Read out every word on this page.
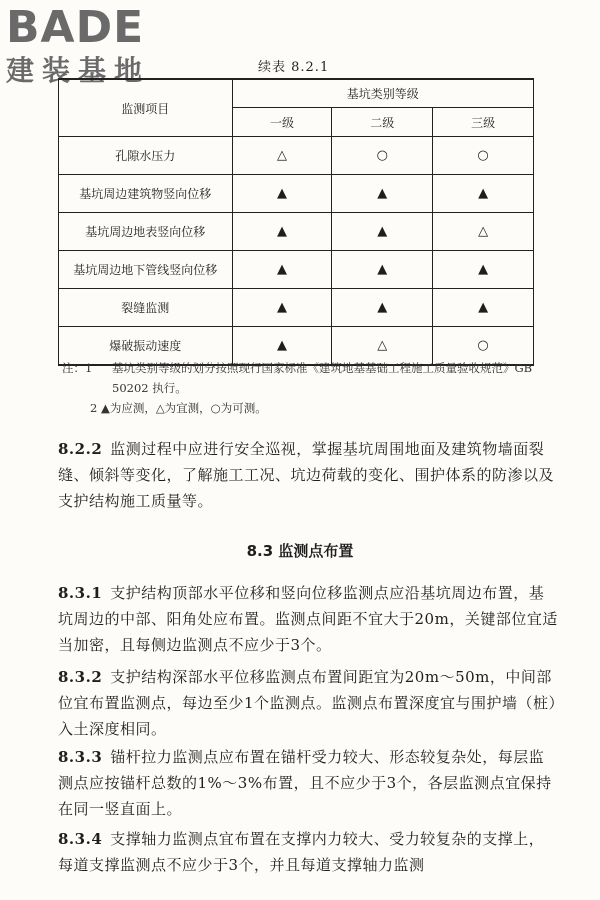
BADE
建装基地	续表 8.2.1
监测项目	基坑类别等级		
	一级	二级	三级
孔隙水压力	△	○	○
基坑周边建筑物竖向位移	▲	▲	▲
基坑周边地表竖向位移	▲	▲	△
基坑周边地下管线竖向位移	▲	▲	▲
裂缝监测	▲	▲	▲
爆破振动速度	▲	△	○
注：1	基坑类别等级的划分按照现行国家标准《建筑地基基础工程施工质量验收规范》GB 50202 执行。
2 ▲为应测，△为宜测，○为可测。
8.2.2 监测过程中应进行安全巡视，掌握基坑周围地面及建筑物墙面裂缝、倾斜等变化，了解施工工况、坑边荷载的变化、围护体系的防渗以及支护结构施工质量等。
8.3 监测点布置
8.3.1 支护结构顶部水平位移和竖向位移监测点应沿基坑周边布置，基坑周边的中部、阳角处应布置。监测点间距不宜大于20m，关键部位宜适当加密，且每侧边监测点不应少于3个。
8.3.2 支护结构深部水平位移监测点布置间距宜为20m～50m，中间部位宜布置监测点，每边至少1个监测点。监测点布置深度宜与围护墙（桩）入土深度相同。
8.3.3 锚杆拉力监测点应布置在锚杆受力较大、形态较复杂处，每层监测点应按锚杆总数的1%～3%布置，且不应少于3个，各层监测点宜保持在同一竖直面上。
8.3.4 支撑轴力监测点宜布置在支撑内力较大、受力较复杂的支撑上，每道支撑监测点不应少于3个，并且每道支撑轴力监测
